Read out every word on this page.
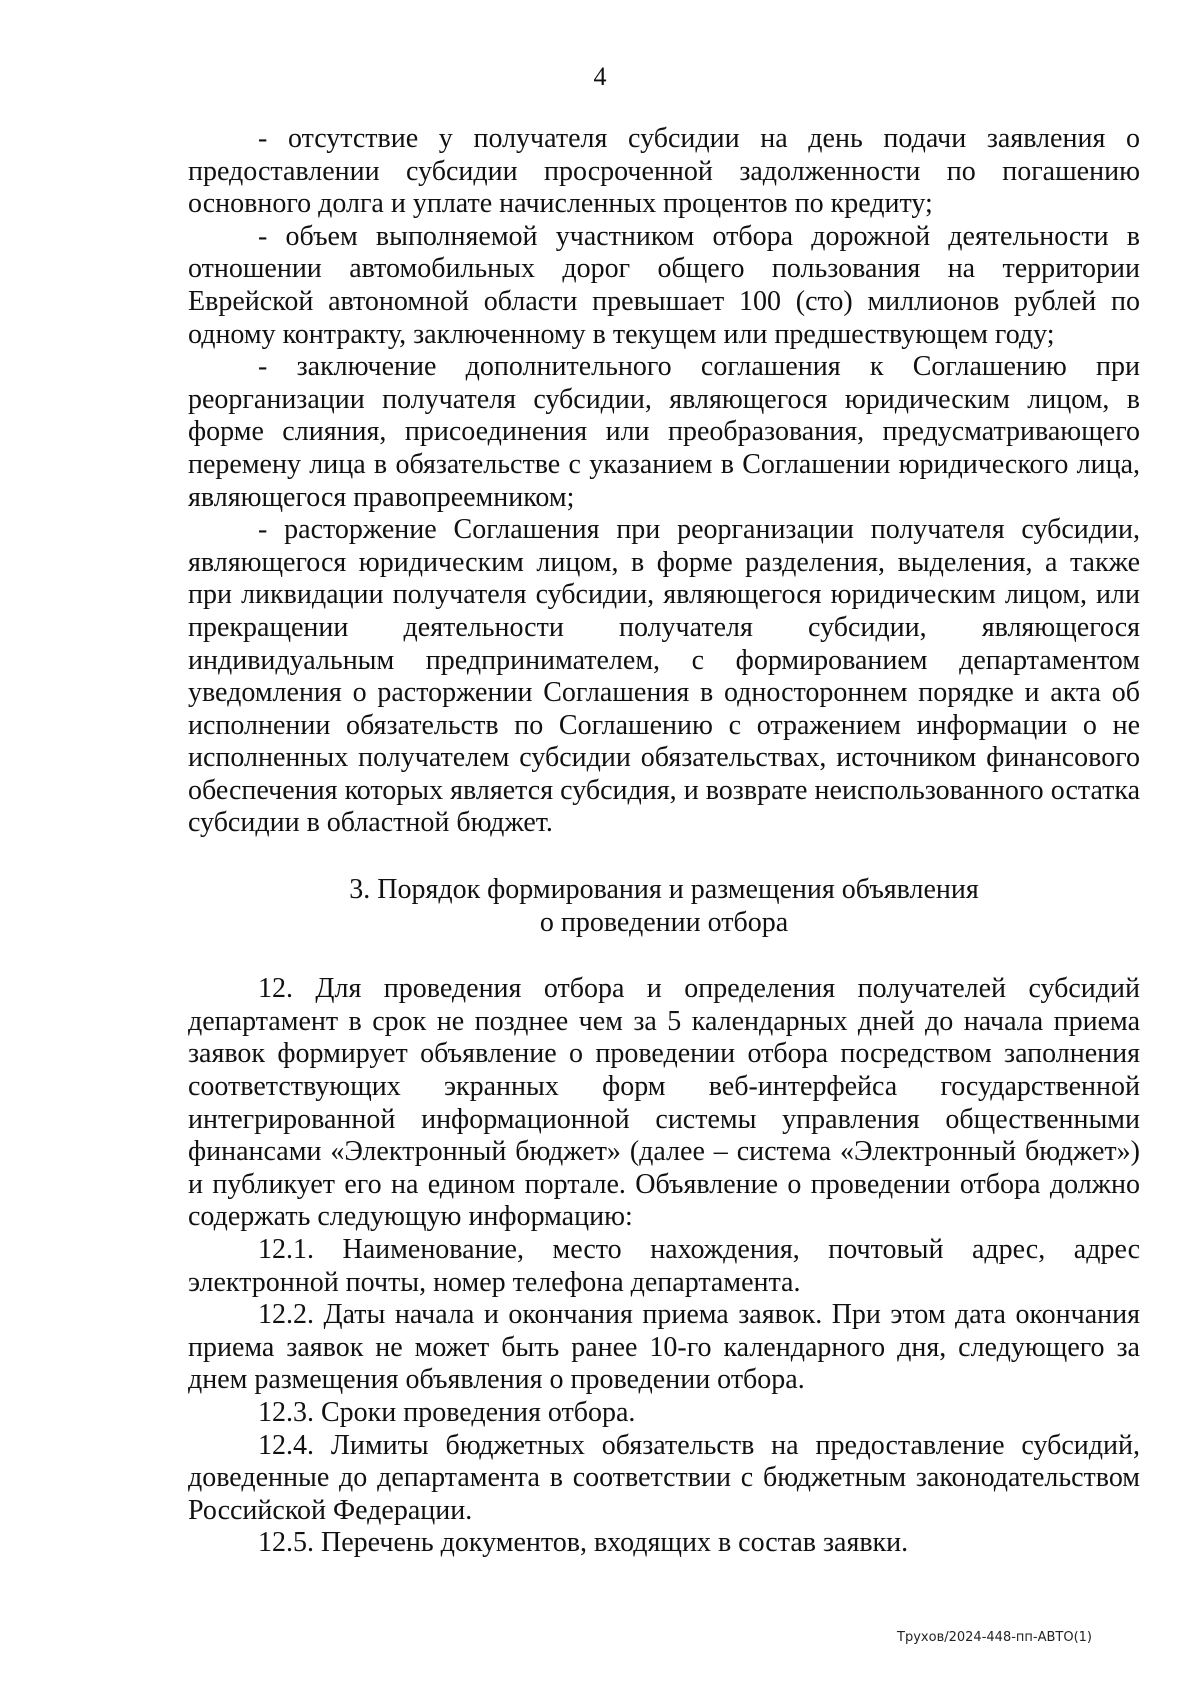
4

- отсутствие у получателя субсидии на день подачи заявления о предоставлении субсидии просроченной задолженности по погашению основного долга и уплате начисленных процентов по кредиту;

- объем выполняемой участником отбора дорожной деятельности в отношении автомобильных дорог общего пользования на территории Еврейской автономной области превышает 100 (сто) миллионов рублей по одному контракту, заключенному в текущем или предшествующем году;

- заключение дополнительного соглашения к Соглашению при реорганизации получателя субсидии, являющегося юридическим лицом, в форме слияния, присоединения или преобразования, предусматривающего перемену лица в обязательстве с указанием в Соглашении юридического лица, являющегося правопреемником;

- расторжение Соглашения при реорганизации получателя субсидии, являющегося юридическим лицом, в форме разделения, выделения, а также при ликвидации получателя субсидии, являющегося юридическим лицом, или прекращении деятельности получателя субсидии, являющегося индивидуальным предпринимателем, с формированием департаментом уведомления о расторжении Соглашения в одностороннем порядке и акта об исполнении обязательств по Соглашению с отражением информации о не исполненных получателем субсидии обязательствах, источником финансового обеспечения которых является субсидия, и возврате неиспользованного остатка субсидии в областной бюджет.

3. Порядок формирования и размещения объявления
о проведении отбора

12. Для проведения отбора и определения получателей субсидий департамент в срок не позднее чем за 5 календарных дней до начала приема заявок формирует объявление о проведении отбора посредством заполнения соответствующих экранных форм веб-интерфейса государственной интегрированной информационной системы управления общественными финансами «Электронный бюджет» (далее – система «Электронный бюджет») и публикует его на едином портале. Объявление о проведении отбора должно содержать следующую информацию:

12.1. Наименование, место нахождения, почтовый адрес, адрес электронной почты, номер телефона департамента.

12.2. Даты начала и окончания приема заявок. При этом дата окончания приема заявок не может быть ранее 10-го календарного дня, следующего за днем размещения объявления о проведении отбора.

12.3. Сроки проведения отбора.

12.4. Лимиты бюджетных обязательств на предоставление субсидий, доведенные до департамента в соответствии с бюджетным законодательством Российской Федерации.

12.5. Перечень документов, входящих в состав заявки.

Трухов/2024-448-пп-АВТО(1)
